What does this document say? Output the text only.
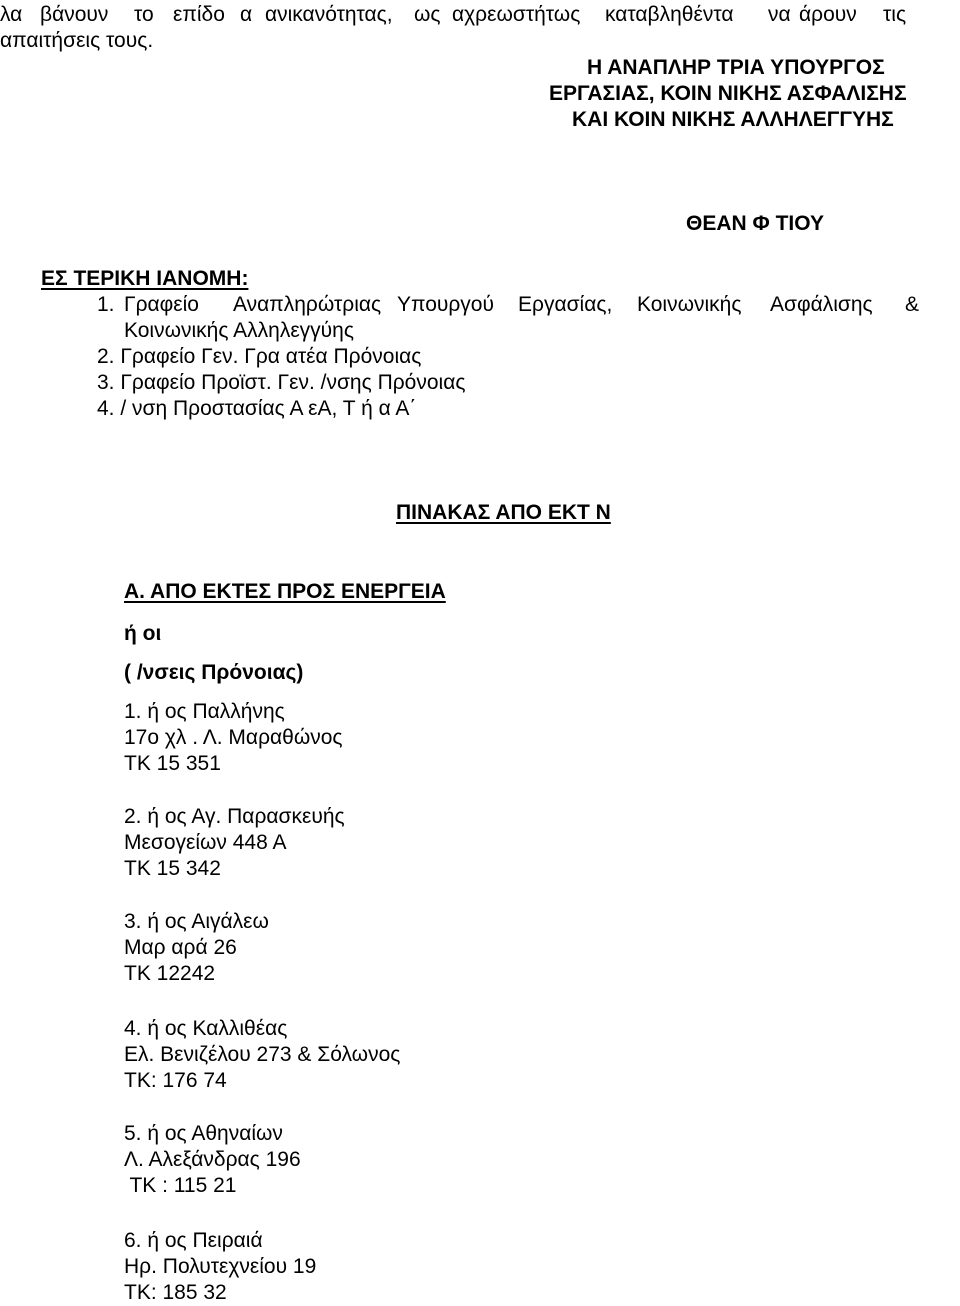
λα βάνουν το επίδο α ανικανότητας, ως αχρεωστήτως καταβληθέντα να άρουν τις
απαιτήσεις τους.
Η ΑΝΑΠΛΗΡ ΤΡΙΑ ΥΠΟΥΡΓΟΣ
ΕΡΓΑΣΙΑΣ, ΚΟΙΝ ΝΙΚΗΣ ΑΣΦΑΛΙΣΗΣ
ΚΑΙ ΚΟΙΝ ΝΙΚΗΣ ΑΛΛΗΛΕΓΓΥΗΣ
ΘΕΑΝ Φ ΤΙΟΥ
ΕΣ ΤΕΡΙΚΗ ΙΑΝΟΜΗ:
1. Γραφείο Αναπληρώτριας Υπουργού Εργασίας, Κοινωνικής Ασφάλισης &
Κοινωνικής Αλληλεγγύης
2. Γραφείο Γεν. Γρα ατέα Πρόνοιας
3. Γραφείο Προϊστ. Γεν. /νσης Πρόνοιας
4. / νση Προστασίας Α εΑ, Τ ή α Α΄
ΠΙΝΑΚΑΣ ΑΠΟ ΕΚΤ Ν
Α. ΑΠΟ ΕΚΤΕΣ ΠΡΟΣ ΕΝΕΡΓΕΙΑ
ή οι
( /νσεις Πρόνοιας)
1. ή ος Παλλήνης
17ο χλ . Λ. Μαραθώνος
ΤΚ 15 351
2. ή ος Αγ. Παρασκευής
Μεσογείων 448 Α
ΤΚ 15 342
3. ή ος Αιγάλεω
Μαρ αρά 26
ΤΚ 12242
4. ή ος Καλλιθέας
Ελ. Βενιζέλου 273 & Σόλωνος
ΤΚ: 176 74
5. ή ος Αθηναίων
Λ. Αλεξάνδρας 196
ΤΚ : 115 21
6. ή ος Πειραιά
Ηρ. Πολυτεχνείου 19
ΤΚ: 185 32
